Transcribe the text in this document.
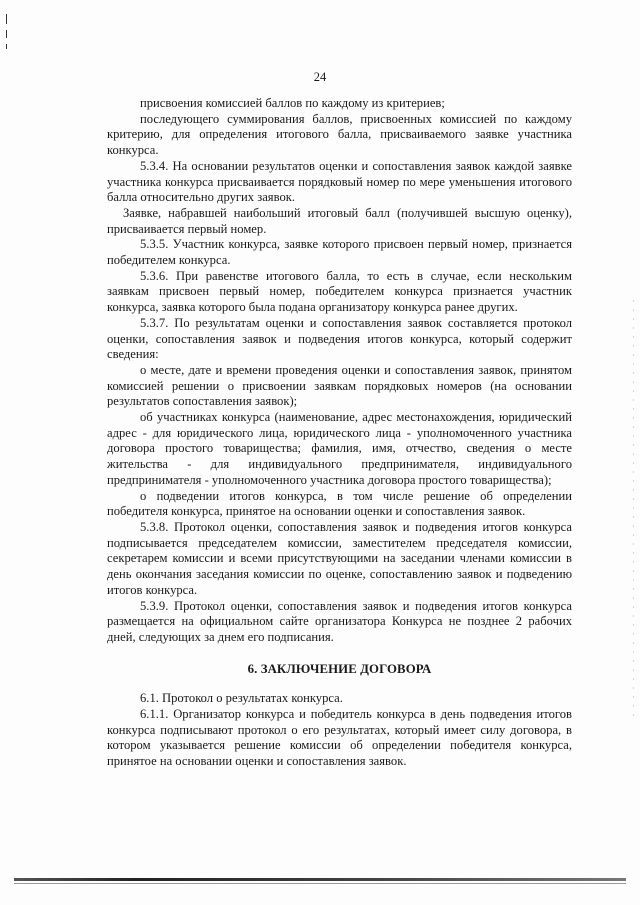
24

присвоения комиссией баллов по каждому из критериев;

последующего суммирования баллов, присвоенных комиссией по каждому критерию, для определения итогового балла, присваиваемого заявке участника конкурса.

5.3.4. На основании результатов оценки и сопоставления заявок каждой заявке участника конкурса присваивается порядковый номер по мере уменьшения итогового балла относительно других заявок.

Заявке, набравшей наибольший итоговый балл (получившей высшую оценку), присваивается первый номер.

5.3.5. Участник конкурса, заявке которого присвоен первый номер, признается победителем конкурса.

5.3.6. При равенстве итогового балла, то есть в случае, если нескольким заявкам присвоен первый номер, победителем конкурса признается участник конкурса, заявка которого была подана организатору конкурса ранее других.

5.3.7. По результатам оценки и сопоставления заявок составляется протокол оценки, сопоставления заявок и подведения итогов конкурса, который содержит сведения:

о месте, дате и времени проведения оценки и сопоставления заявок, принятом комиссией решении о присвоении заявкам порядковых номеров (на основании результатов сопоставления заявок);

об участниках конкурса (наименование, адрес местонахождения, юридический адрес - для юридического лица, юридического лица - уполномоченного участника договора простого товарищества; фамилия, имя, отчество, сведения о месте жительства - для индивидуального предпринимателя, индивидуального предпринимателя - уполномоченного участника договора простого товарищества);

о подведении итогов конкурса, в том числе решение об определении победителя конкурса, принятое на основании оценки и сопоставления заявок.

5.3.8. Протокол оценки, сопоставления заявок и подведения итогов конкурса подписывается председателем комиссии, заместителем председателя комиссии, секретарем комиссии и всеми присутствующими на заседании членами комиссии в день окончания заседания комиссии по оценке, сопоставлению заявок и подведению итогов конкурса.

5.3.9. Протокол оценки, сопоставления заявок и подведения итогов конкурса размещается на официальном сайте организатора Конкурса не позднее 2 рабочих дней, следующих за днем его подписания.

6. ЗАКЛЮЧЕНИЕ ДОГОВОРА

6.1. Протокол о результатах конкурса.

6.1.1. Организатор конкурса и победитель конкурса в день подведения итогов конкурса подписывают протокол о его результатах, который имеет силу договора, в котором указывается решение комиссии об определении победителя конкурса, принятое на основании оценки и сопоставления заявок.
